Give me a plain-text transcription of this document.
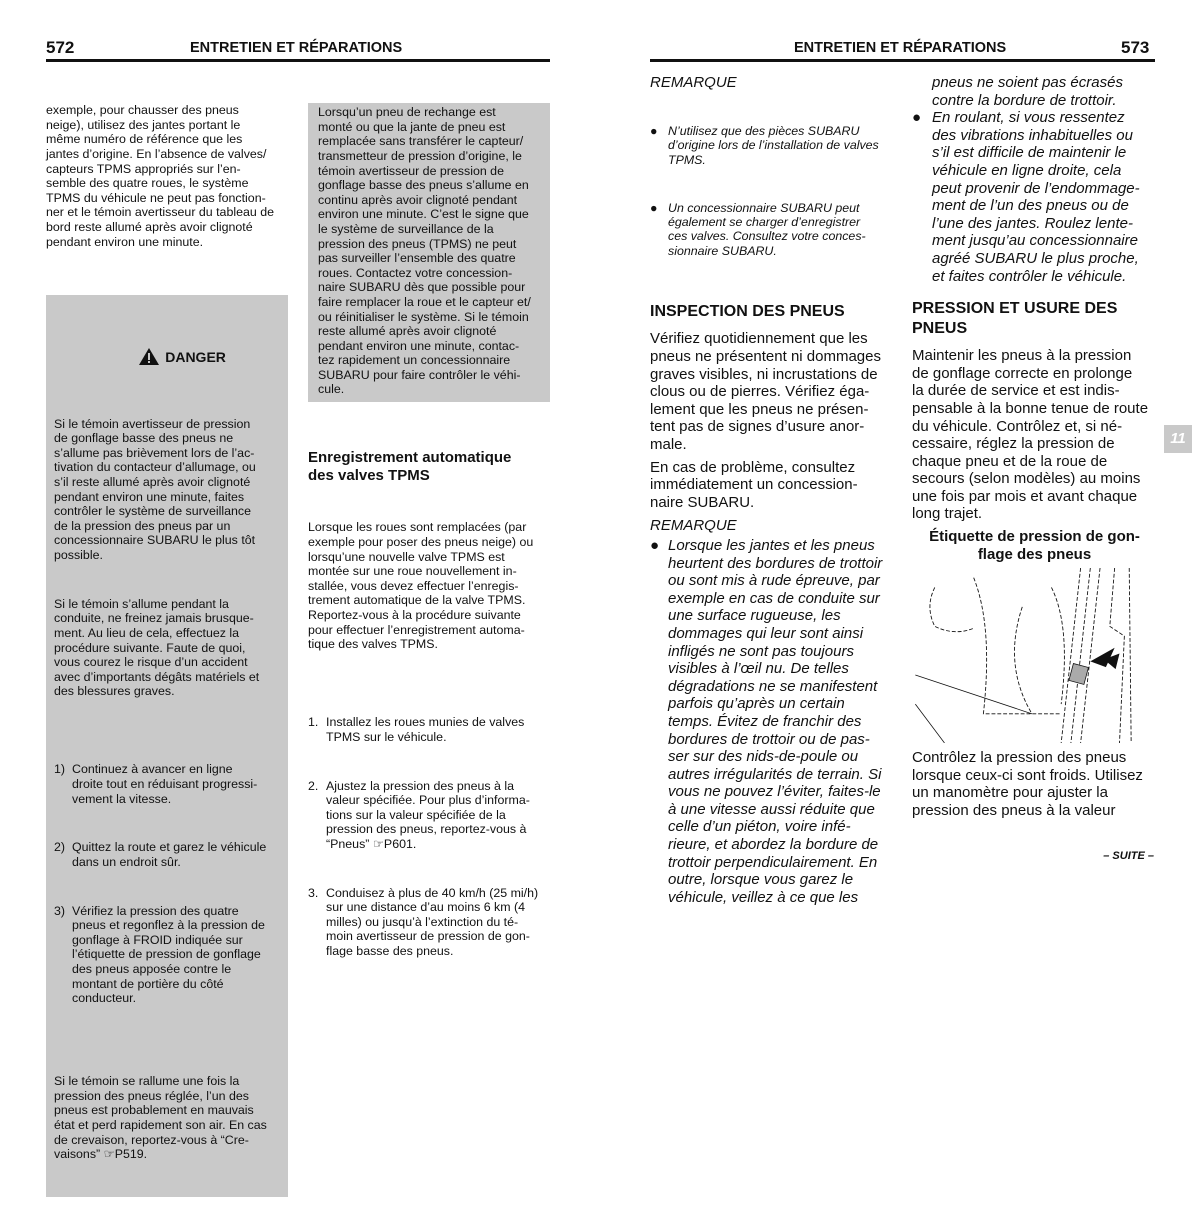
572	ENTRETIEN ET RÉPARATIONS	ENTRETIEN ET RÉPARATIONS	573

exemple, pour chausser des pneus
neige), utilisez des jantes portant le
même numéro de référence que les
jantes d’origine. En l’absence de valves/
capteurs TPMS appropriés sur l’en-
semble des quatre roues, le système
TPMS du véhicule ne peut pas fonction-
ner et le témoin avertisseur du tableau de
bord reste allumé après avoir clignoté
pendant environ une minute.

DANGER

Si le témoin avertisseur de pression
de gonflage basse des pneus ne
s’allume pas brièvement lors de l’ac-
tivation du contacteur d’allumage, ou
s’il reste allumé après avoir clignoté
pendant environ une minute, faites
contrôler le système de surveillance
de la pression des pneus par un
concessionnaire SUBARU le plus tôt
possible.

Si le témoin s’allume pendant la
conduite, ne freinez jamais brusque-
ment. Au lieu de cela, effectuez la
procédure suivante. Faute de quoi,
vous courez le risque d’un accident
avec d’importants dégâts matériels et
des blessures graves.

1) Continuez à avancer en ligne
droite tout en réduisant progressi-
vement la vitesse.

2) Quittez la route et garez le véhicule
dans un endroit sûr.

3) Vérifiez la pression des quatre
pneus et regonflez à la pression de
gonflage à FROID indiquée sur
l’étiquette de pression de gonflage
des pneus apposée contre le
montant de portière du côté
conducteur.

Si le témoin se rallume une fois la
pression des pneus réglée, l’un des
pneus est probablement en mauvais
état et perd rapidement son air. En cas
de crevaison, reportez-vous à “Cre-
vaisons” ☞P519.

Lorsqu’un pneu de rechange est
monté ou que la jante de pneu est
remplacée sans transférer le capteur/
transmetteur de pression d’origine, le
témoin avertisseur de pression de
gonflage basse des pneus s’allume en
continu après avoir clignoté pendant
environ une minute. C’est le signe que
le système de surveillance de la
pression des pneus (TPMS) ne peut
pas surveiller l’ensemble des quatre
roues. Contactez votre concession-
naire SUBARU dès que possible pour
faire remplacer la roue et le capteur et/
ou réinitialiser le système. Si le témoin
reste allumé après avoir clignoté
pendant environ une minute, contac-
tez rapidement un concessionnaire
SUBARU pour faire contrôler le véhi-
cule.

Enregistrement automatique
des valves TPMS

Lorsque les roues sont remplacées (par
exemple pour poser des pneus neige) ou
lorsqu’une nouvelle valve TPMS est
montée sur une roue nouvellement in-
stallée, vous devez effectuer l’enregis-
trement automatique de la valve TPMS.
Reportez-vous à la procédure suivante
pour effectuer l’enregistrement automa-
tique des valves TPMS.

1. Installez les roues munies de valves
TPMS sur le véhicule.

2. Ajustez la pression des pneus à la
valeur spécifiée. Pour plus d’informa-
tions sur la valeur spécifiée de la
pression des pneus, reportez-vous à
“Pneus” ☞P601.

3. Conduisez à plus de 40 km/h (25 mi/h)
sur une distance d’au moins 6 km (4
milles) ou jusqu’à l’extinction du té-
moin avertisseur de pression de gon-
flage basse des pneus.

REMARQUE

● N’utilisez que des pièces SUBARU
d’origine lors de l’installation de valves
TPMS.

● Un concessionnaire SUBARU peut
également se charger d’enregistrer
ces valves. Consultez votre conces-
sionnaire SUBARU.

INSPECTION DES PNEUS

Vérifiez quotidiennement que les
pneus ne présentent ni dommages
graves visibles, ni incrustations de
clous ou de pierres. Vérifiez éga-
lement que les pneus ne présen-
tent pas de signes d’usure anor-
male.

En cas de problème, consultez
immédiatement un concession-
naire SUBARU.

REMARQUE
● Lorsque les jantes et les pneus
heurtent des bordures de trottoir
ou sont mis à rude épreuve, par
exemple en cas de conduite sur
une surface rugueuse, les
dommages qui leur sont ainsi
infligés ne sont pas toujours
visibles à l’œil nu. De telles
dégradations ne se manifestent
parfois qu’après un certain
temps. Évitez de franchir des
bordures de trottoir ou de pas-
ser sur des nids-de-poule ou
autres irrégularités de terrain. Si
vous ne pouvez l’éviter, faites-le
à une vitesse aussi réduite que
celle d’un piéton, voire infé-
rieure, et abordez la bordure de
trottoir perpendiculairement. En
outre, lorsque vous garez le
véhicule, veillez à ce que les
pneus ne soient pas écrasés
contre la bordure de trottoir.
● En roulant, si vous ressentez
des vibrations inhabituelles ou
s’il est difficile de maintenir le
véhicule en ligne droite, cela
peut provenir de l’endommage-
ment de l’un des pneus ou de
l’une des jantes. Roulez lente-
ment jusqu’au concessionnaire
agréé SUBARU le plus proche,
et faites contrôler le véhicule.
PRESSION ET USURE DES
PNEUS

Maintenir les pneus à la pression
de gonflage correcte en prolonge
la durée de service et est indis-
pensable à la bonne tenue de route
du véhicule. Contrôlez et, si né-
cessaire, réglez la pression de
chaque pneu et de la roue de
secours (selon modèles) au moins
une fois par mois et avant chaque
long trajet.

Étiquette de pression de gon-
flage des pneus

Contrôlez la pression des pneus
lorsque ceux-ci sont froids. Utilisez
un manomètre pour ajuster la
pression des pneus à la valeur

11
– SUITE –
